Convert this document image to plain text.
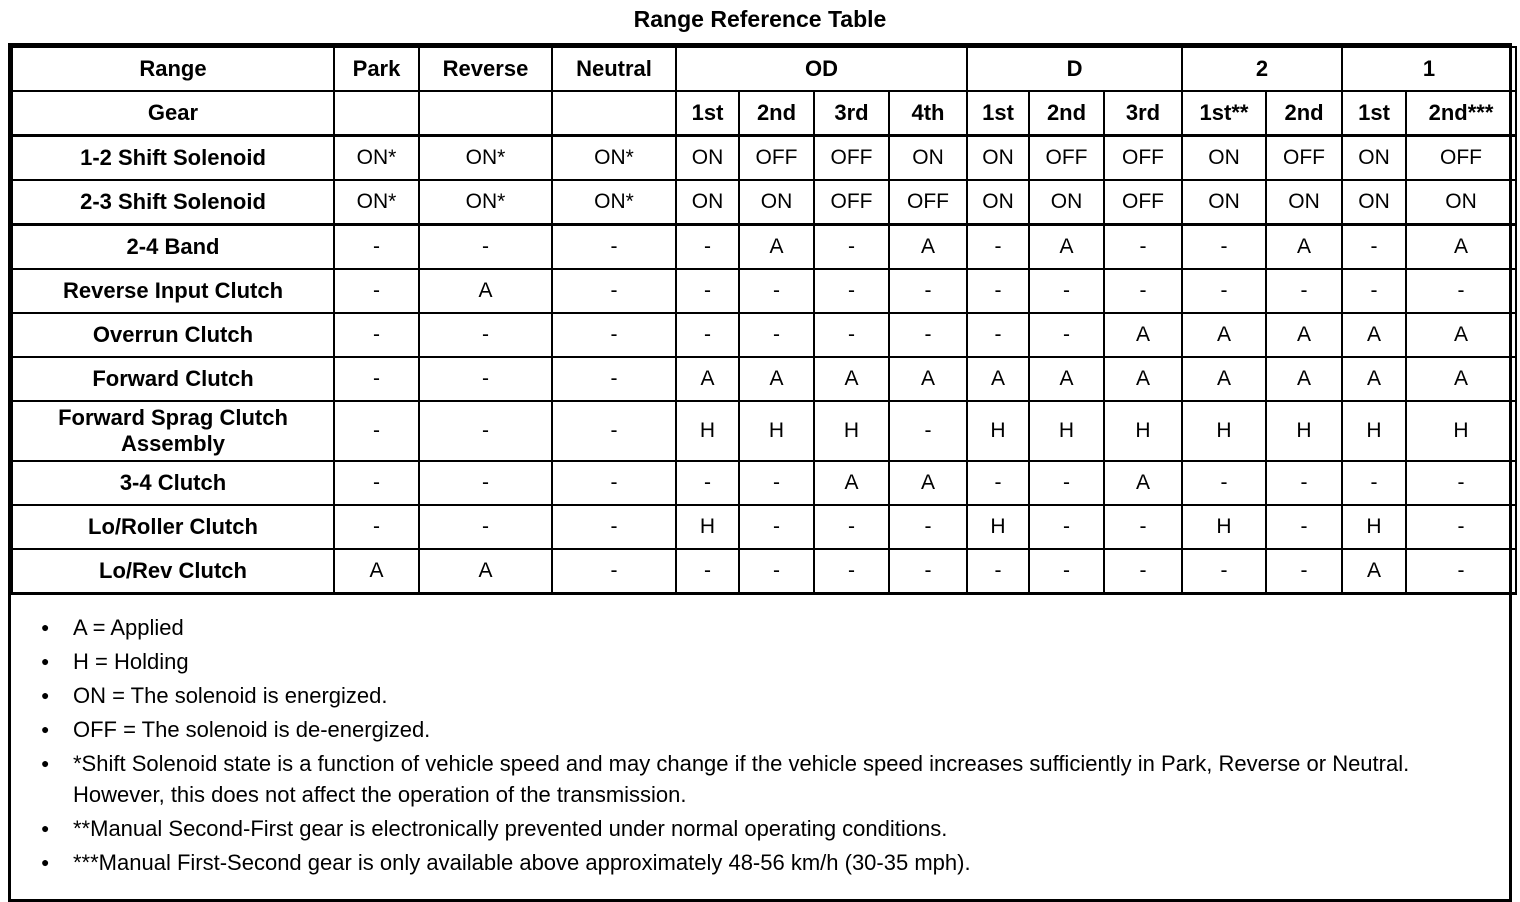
Range Reference Table
Range	Park	Reverse	Neutral	OD				D			2		1	
Gear				1st	2nd	3rd	4th	1st	2nd	3rd	1st**	2nd	1st	2nd***
1-2 Shift Solenoid	ON*	ON*	ON*	ON	OFF	OFF	ON	ON	OFF	OFF	ON	OFF	ON	OFF
2-3 Shift Solenoid	ON*	ON*	ON*	ON	ON	OFF	OFF	ON	ON	OFF	ON	ON	ON	ON
2-4 Band	-	-	-	-	A	-	A	-	A	-	-	A	-	A
Reverse Input Clutch	-	A	-	-	-	-	-	-	-	-	-	-	-	-
Overrun Clutch	-	-	-	-	-	-	-	-	-	A	A	A	A	A
Forward Clutch	-	-	-	A	A	A	A	A	A	A	A	A	A	A
Forward Sprag Clutch Assembly	-	-	-	H	H	H	-	H	H	H	H	H	H	H
3-4 Clutch	-	-	-	-	-	A	A	-	-	A	-	-	-	-
Lo/Roller Clutch	-	-	-	H	-	-	-	H	-	-	H	-	H	-
Lo/Rev Clutch	A	A	-	-	-	-	-	-	-	-	-	-	A	-
● A = Applied
● H = Holding
● ON = The solenoid is energized.
● OFF = The solenoid is de-energized.
● *Shift Solenoid state is a function of vehicle speed and may change if the vehicle speed increases sufficiently in Park, Reverse or Neutral. However, this does not affect the operation of the transmission.
● **Manual Second-First gear is electronically prevented under normal operating conditions.
● ***Manual First-Second gear is only available above approximately 48-56 km/h (30-35 mph).
